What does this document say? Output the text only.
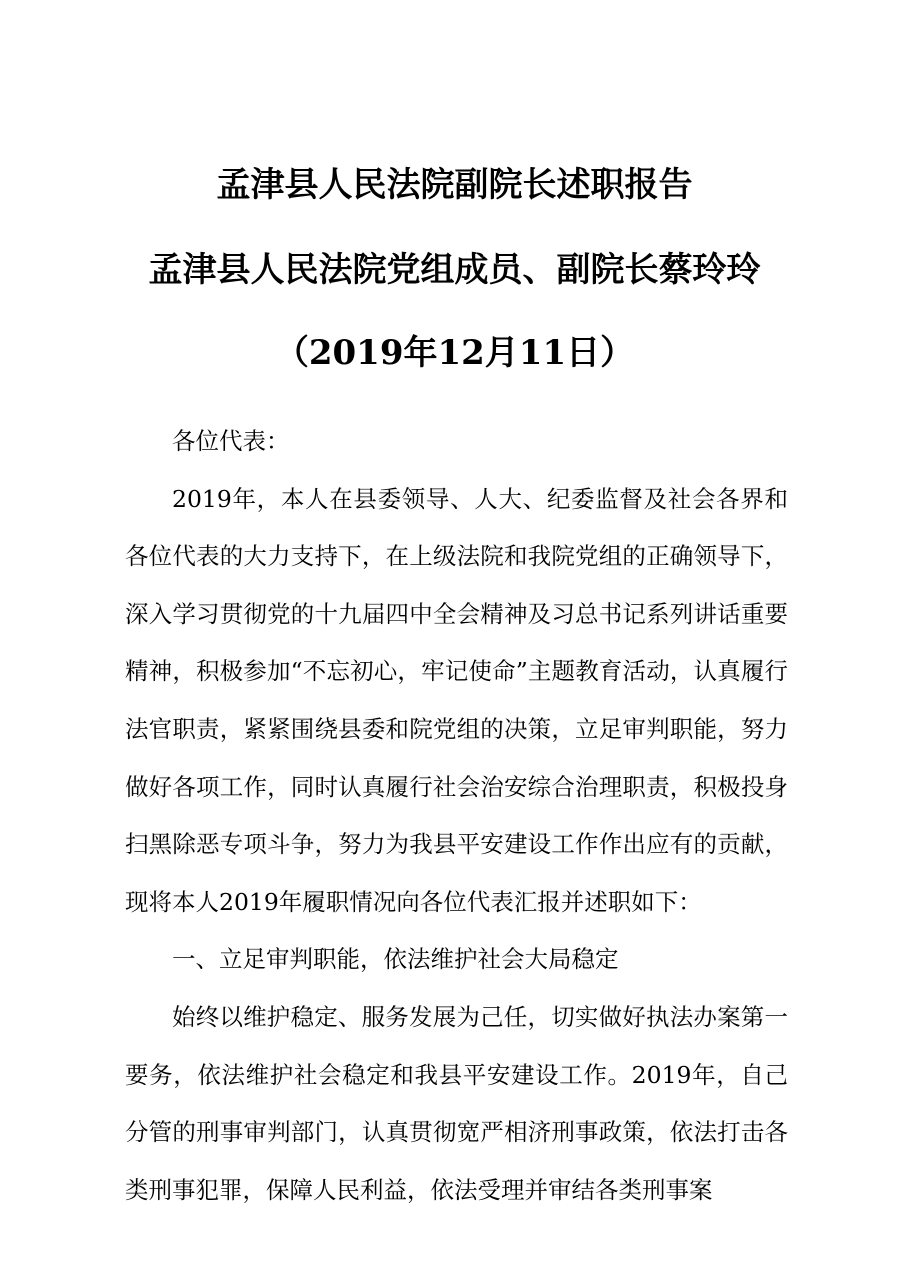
孟津县人民法院副院长述职报告
孟津县人民法院党组成员、副院长蔡玲玲
（2019年12月11日）

各位代表：

2019年，本人在县委领导、人大、纪委监督及社会各界和各位代表的大力支持下，在上级法院和我院党组的正确领导下，深入学习贯彻党的十九届四中全会精神及习总书记系列讲话重要精神，积极参加“不忘初心，牢记使命”主题教育活动，认真履行法官职责，紧紧围绕县委和院党组的决策，立足审判职能，努力做好各项工作，同时认真履行社会治安综合治理职责，积极投身扫黑除恶专项斗争，努力为我县平安建设工作作出应有的贡献，现将本人2019年履职情况向各位代表汇报并述职如下：

一、立足审判职能，依法维护社会大局稳定

始终以维护稳定、服务发展为己任，切实做好执法办案第一要务，依法维护社会稳定和我县平安建设工作。2019年，自己分管的刑事审判部门，认真贯彻宽严相济刑事政策，依法打击各类刑事犯罪，保障人民利益，依法受理并审结各类刑事案
